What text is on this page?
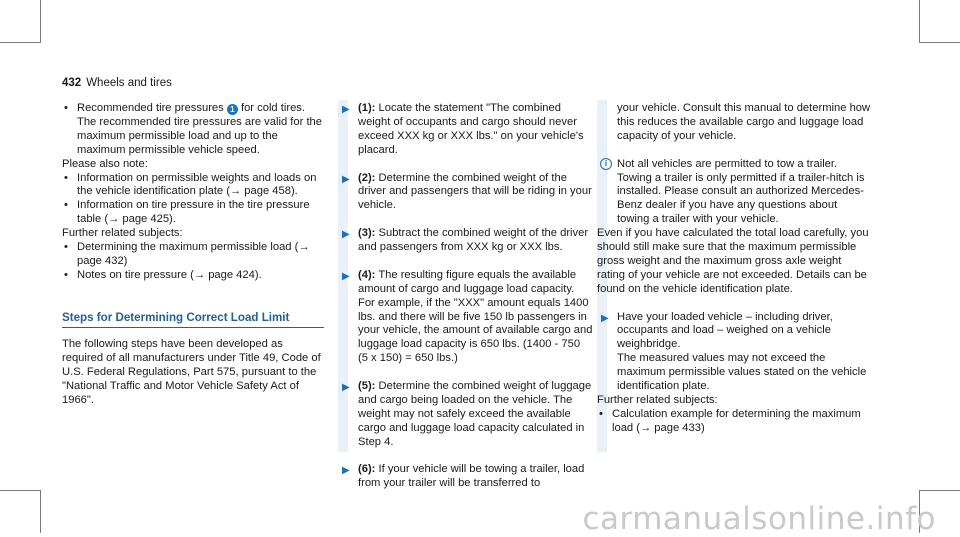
432 Wheels and tires

• Recommended tire pressures 1 for cold tires. The recommended tire pressures are valid for the maximum permissible load and up to the maximum permissible vehicle speed.

Please also note:

• Information on permissible weights and loads on the vehicle identification plate (→ page 458).

• Information on tire pressure in the tire pressure table (→ page 425).

Further related subjects:

• Determining the maximum permissible load (→ page 432)

• Notes on tire pressure (→ page 424).

Steps for Determining Correct Load Limit

The following steps have been developed as required of all manufacturers under Title 49, Code of U.S. Federal Regulations, Part 575, pursuant to the "National Traffic and Motor Vehicle Safety Act of 1966".

▶ (1): Locate the statement "The combined weight of occupants and cargo should never exceed XXX kg or XXX lbs." on your vehicle's placard.
▶ (2): Determine the combined weight of the driver and passengers that will be riding in your vehicle.
▶ (3): Subtract the combined weight of the driver and passengers from XXX kg or XXX lbs.
▶ (4): The resulting figure equals the available amount of cargo and luggage load capacity. For example, if the "XXX" amount equals 1400 lbs. and there will be five 150 lb passengers in your vehicle, the amount of available cargo and luggage load capacity is 650 lbs. (1400 - 750 (5 x 150) = 650 lbs.)
▶ (5): Determine the combined weight of luggage and cargo being loaded on the vehicle. The weight may not safely exceed the available cargo and luggage load capacity calculated in Step 4.
▶ (6): If your vehicle will be towing a trailer, load from your trailer will be transferred to

your vehicle. Consult this manual to determine how this reduces the available cargo and luggage load capacity of your vehicle.

i Not all vehicles are permitted to tow a trailer. Towing a trailer is only permitted if a trailer-hitch is installed. Please consult an authorized Mercedes-Benz dealer if you have any questions about towing a trailer with your vehicle.

Even if you have calculated the total load carefully, you should still make sure that the maximum permissible gross weight and the maximum gross axle weight rating of your vehicle are not exceeded. Details can be found on the vehicle identification plate.

▶ Have your loaded vehicle – including driver, occupants and load – weighed on a vehicle weighbridge.

The measured values may not exceed the maximum permissible values stated on the vehicle identification plate.

Further related subjects:

• Calculation example for determining the maximum load (→ page 433)

carmanualsonline.info
